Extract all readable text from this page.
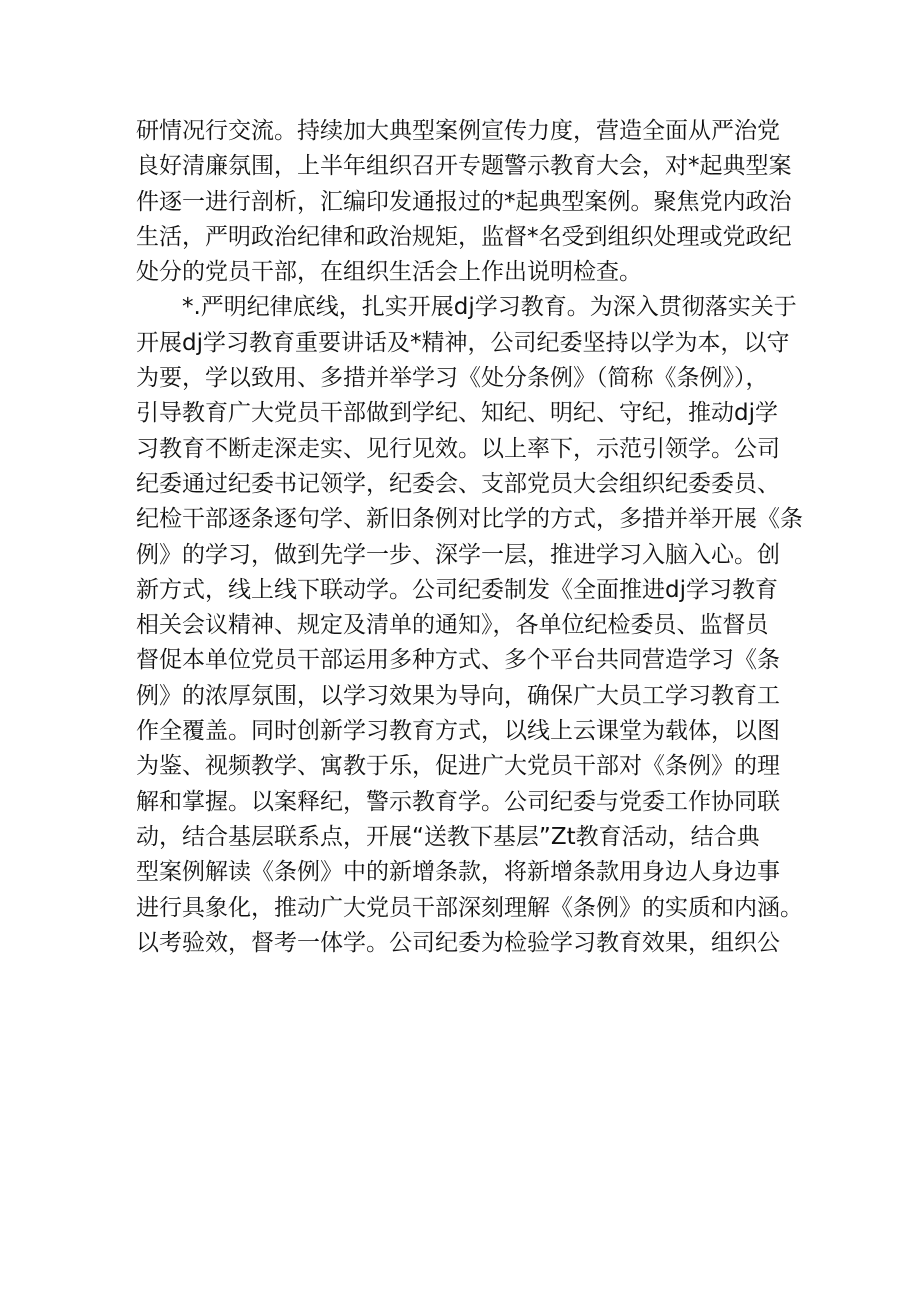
研情况行交流。持续加大典型案例宣传力度，营造全面从严治党
良好清廉氛围，上半年组织召开专题警示教育大会，对*起典型案
件逐一进行剖析，汇编印发通报过的*起典型案例。聚焦党内政治
生活，严明政治纪律和政治规矩，监督*名受到组织处理或党政纪
处分的党员干部，在组织生活会上作出说明检查。
*.严明纪律底线，扎实开展dj学习教育。为深入贯彻落实关于
开展dj学习教育重要讲话及*精神，公司纪委坚持以学为本，以守
为要，学以致用、多措并举学习《处分条例》（简称《条例》），
引导教育广大党员干部做到学纪、知纪、明纪、守纪，推动dj学
习教育不断走深走实、见行见效。以上率下，示范引领学。公司
纪委通过纪委书记领学，纪委会、支部党员大会组织纪委委员、
纪检干部逐条逐句学、新旧条例对比学的方式，多措并举开展《条
例》的学习，做到先学一步、深学一层，推进学习入脑入心。创
新方式，线上线下联动学。公司纪委制发《全面推进dj学习教育
相关会议精神、规定及清单的通知》，各单位纪检委员、监督员
督促本单位党员干部运用多种方式、多个平台共同营造学习《条
例》的浓厚氛围，以学习效果为导向，确保广大员工学习教育工
作全覆盖。同时创新学习教育方式，以线上云课堂为载体，以图
为鉴、视频教学、寓教于乐，促进广大党员干部对《条例》的理
解和掌握。以案释纪，警示教育学。公司纪委与党委工作协同联
动，结合基层联系点，开展“送教下基层”Zt教育活动，结合典
型案例解读《条例》中的新增条款，将新增条款用身边人身边事
进行具象化，推动广大党员干部深刻理解《条例》的实质和内涵。
以考验效，督考一体学。公司纪委为检验学习教育效果，组织公
